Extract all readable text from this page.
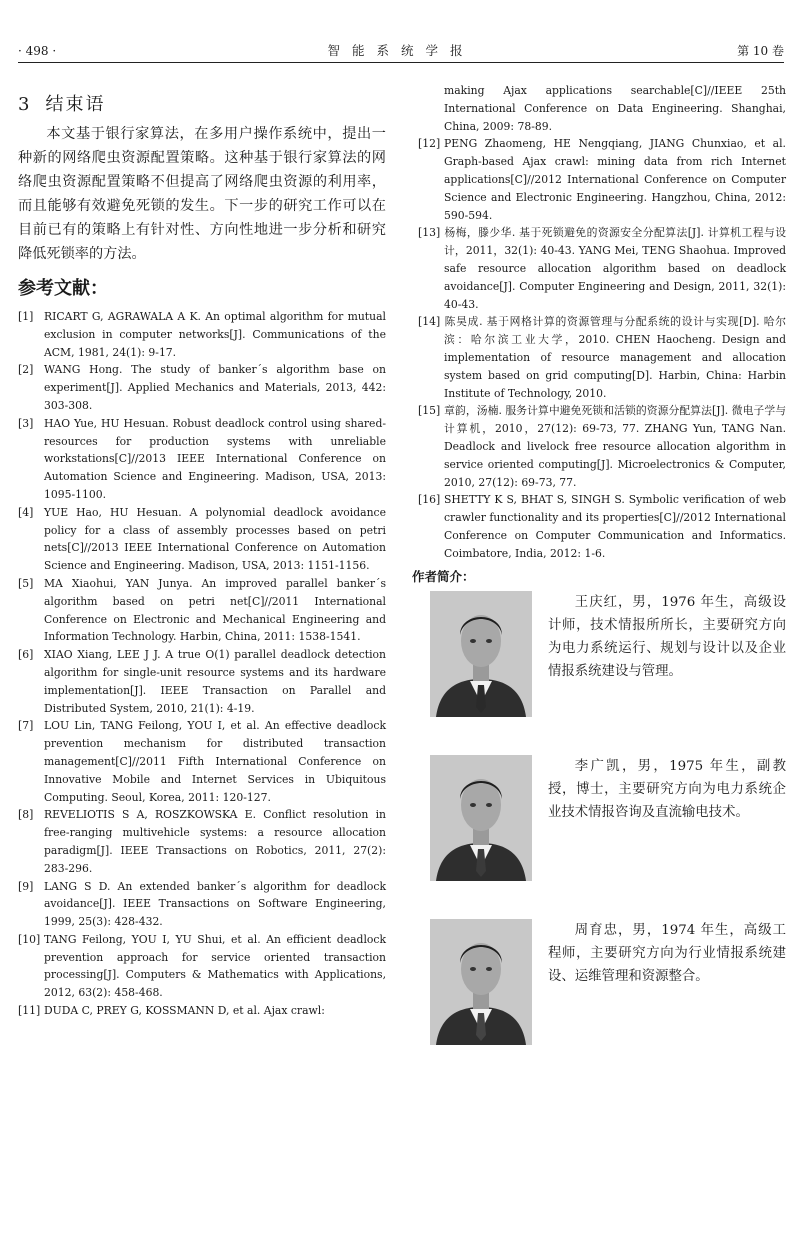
· 498 ·	智能系统学报	第 10 卷
3 结束语

本文基于银行家算法，在多用户操作系统中，提出一种新的网络爬虫资源配置策略。这种基于银行家算法的网络爬虫资源配置策略不但提高了网络爬虫资源的利用率，而且能够有效避免死锁的发生。下一步的研究工作可以在目前已有的策略上有针对性、方向性地进一步分析和研究降低死锁率的方法。

参考文献：
[1] RICART G, AGRAWALA A K. An optimal algorithm for mutual exclusion in computer networks[J]. Communications of the ACM, 1981, 24(1): 9-17.
[2] WANG Hong. The study of banker´s algorithm base on experiment[J]. Applied Mechanics and Materials, 2013, 442: 303-308.
[3] HAO Yue, HU Hesuan. Robust deadlock control using shared-resources for production systems with unreliable workstations[C]//2013 IEEE International Conference on Automation Science and Engineering. Madison, USA, 2013: 1095-1100.
[4] YUE Hao, HU Hesuan. A polynomial deadlock avoidance policy for a class of assembly processes based on petri nets[C]//2013 IEEE International Conference on Automation Science and Engineering. Madison, USA, 2013: 1151-1156.
[5] MA Xiaohui, YAN Junya. An improved parallel banker´s algorithm based on petri net[C]//2011 International Conference on Electronic and Mechanical Engineering and Information Technology. Harbin, China, 2011: 1538-1541.
[6] XIAO Xiang, LEE J J. A true O(1) parallel deadlock detection algorithm for single-unit resource systems and its hardware implementation[J]. IEEE Transaction on Parallel and Distributed System, 2010, 21(1): 4-19.
[7] LOU Lin, TANG Feilong, YOU I, et al. An effective deadlock prevention mechanism for distributed transaction management[C]//2011 Fifth International Conference on Innovative Mobile and Internet Services in Ubiquitous Computing. Seoul, Korea, 2011: 120-127.
[8] REVELIOTIS S A, ROSZKOWSKA E. Conflict resolution in free-ranging multivehicle systems: a resource allocation paradigm[J]. IEEE Transactions on Robotics, 2011, 27(2): 283-296.
[9] LANG S D. An extended banker´s algorithm for deadlock avoidance[J]. IEEE Transactions on Software Engineering, 1999, 25(3): 428-432.
[10] TANG Feilong, YOU I, YU Shui, et al. An efficient deadlock prevention approach for service oriented transaction processing[J]. Computers & Mathematics with Applications, 2012, 63(2): 458-468.
[11] DUDA C, PREY G, KOSSMANN D, et al. Ajax crawl:
making Ajax applications searchable[C]//IEEE 25th International Conference on Data Engineering. Shanghai, China, 2009: 78-89.
[12] PENG Zhaomeng, HE Nengqiang, JIANG Chunxiao, et al. Graph-based Ajax crawl: mining data from rich Internet applications[C]//2012 International Conference on Computer Science and Electronic Engineering. Hangzhou, China, 2012: 590-594.
[13] 杨梅，滕少华. 基于死锁避免的资源安全分配算法[J]. 计算机工程与设计，2011，32(1): 40-43. YANG Mei, TENG Shaohua. Improved safe resource allocation algorithm based on deadlock avoidance[J]. Computer Engineering and Design, 2011, 32(1): 40-43.
[14] 陈昊成. 基于网格计算的资源管理与分配系统的设计与实现[D]. 哈尔滨：哈尔滨工业大学，2010. CHEN Haocheng. Design and implementation of resource management and allocation system based on grid computing[D]. Harbin, China: Harbin Institute of Technology, 2010.
[15] 章韵，汤楠. 服务计算中避免死锁和活锁的资源分配算法[J]. 微电子学与计算机，2010，27(12): 69-73, 77. ZHANG Yun, TANG Nan. Deadlock and livelock free resource allocation algorithm in service oriented computing[J]. Microelectronics & Computer, 2010, 27(12): 69-73, 77.
[16] SHETTY K S, BHAT S, SINGH S. Symbolic verification of web crawler functionality and its properties[C]//2012 International Conference on Computer Communication and Informatics. Coimbatore, India, 2012: 1-6.
作者简介：
王庆红，男，1976 年生，高级设计师，技术情报所所长，主要研究方向为电力系统运行、规划与设计以及企业情报系统建设与管理。
李广凯，男，1975 年生，副教授，博士，主要研究方向为电力系统企业技术情报咨询及直流输电技术。
周育忠，男，1974 年生，高级工程师，主要研究方向为行业情报系统建设、运维管理和资源整合。
